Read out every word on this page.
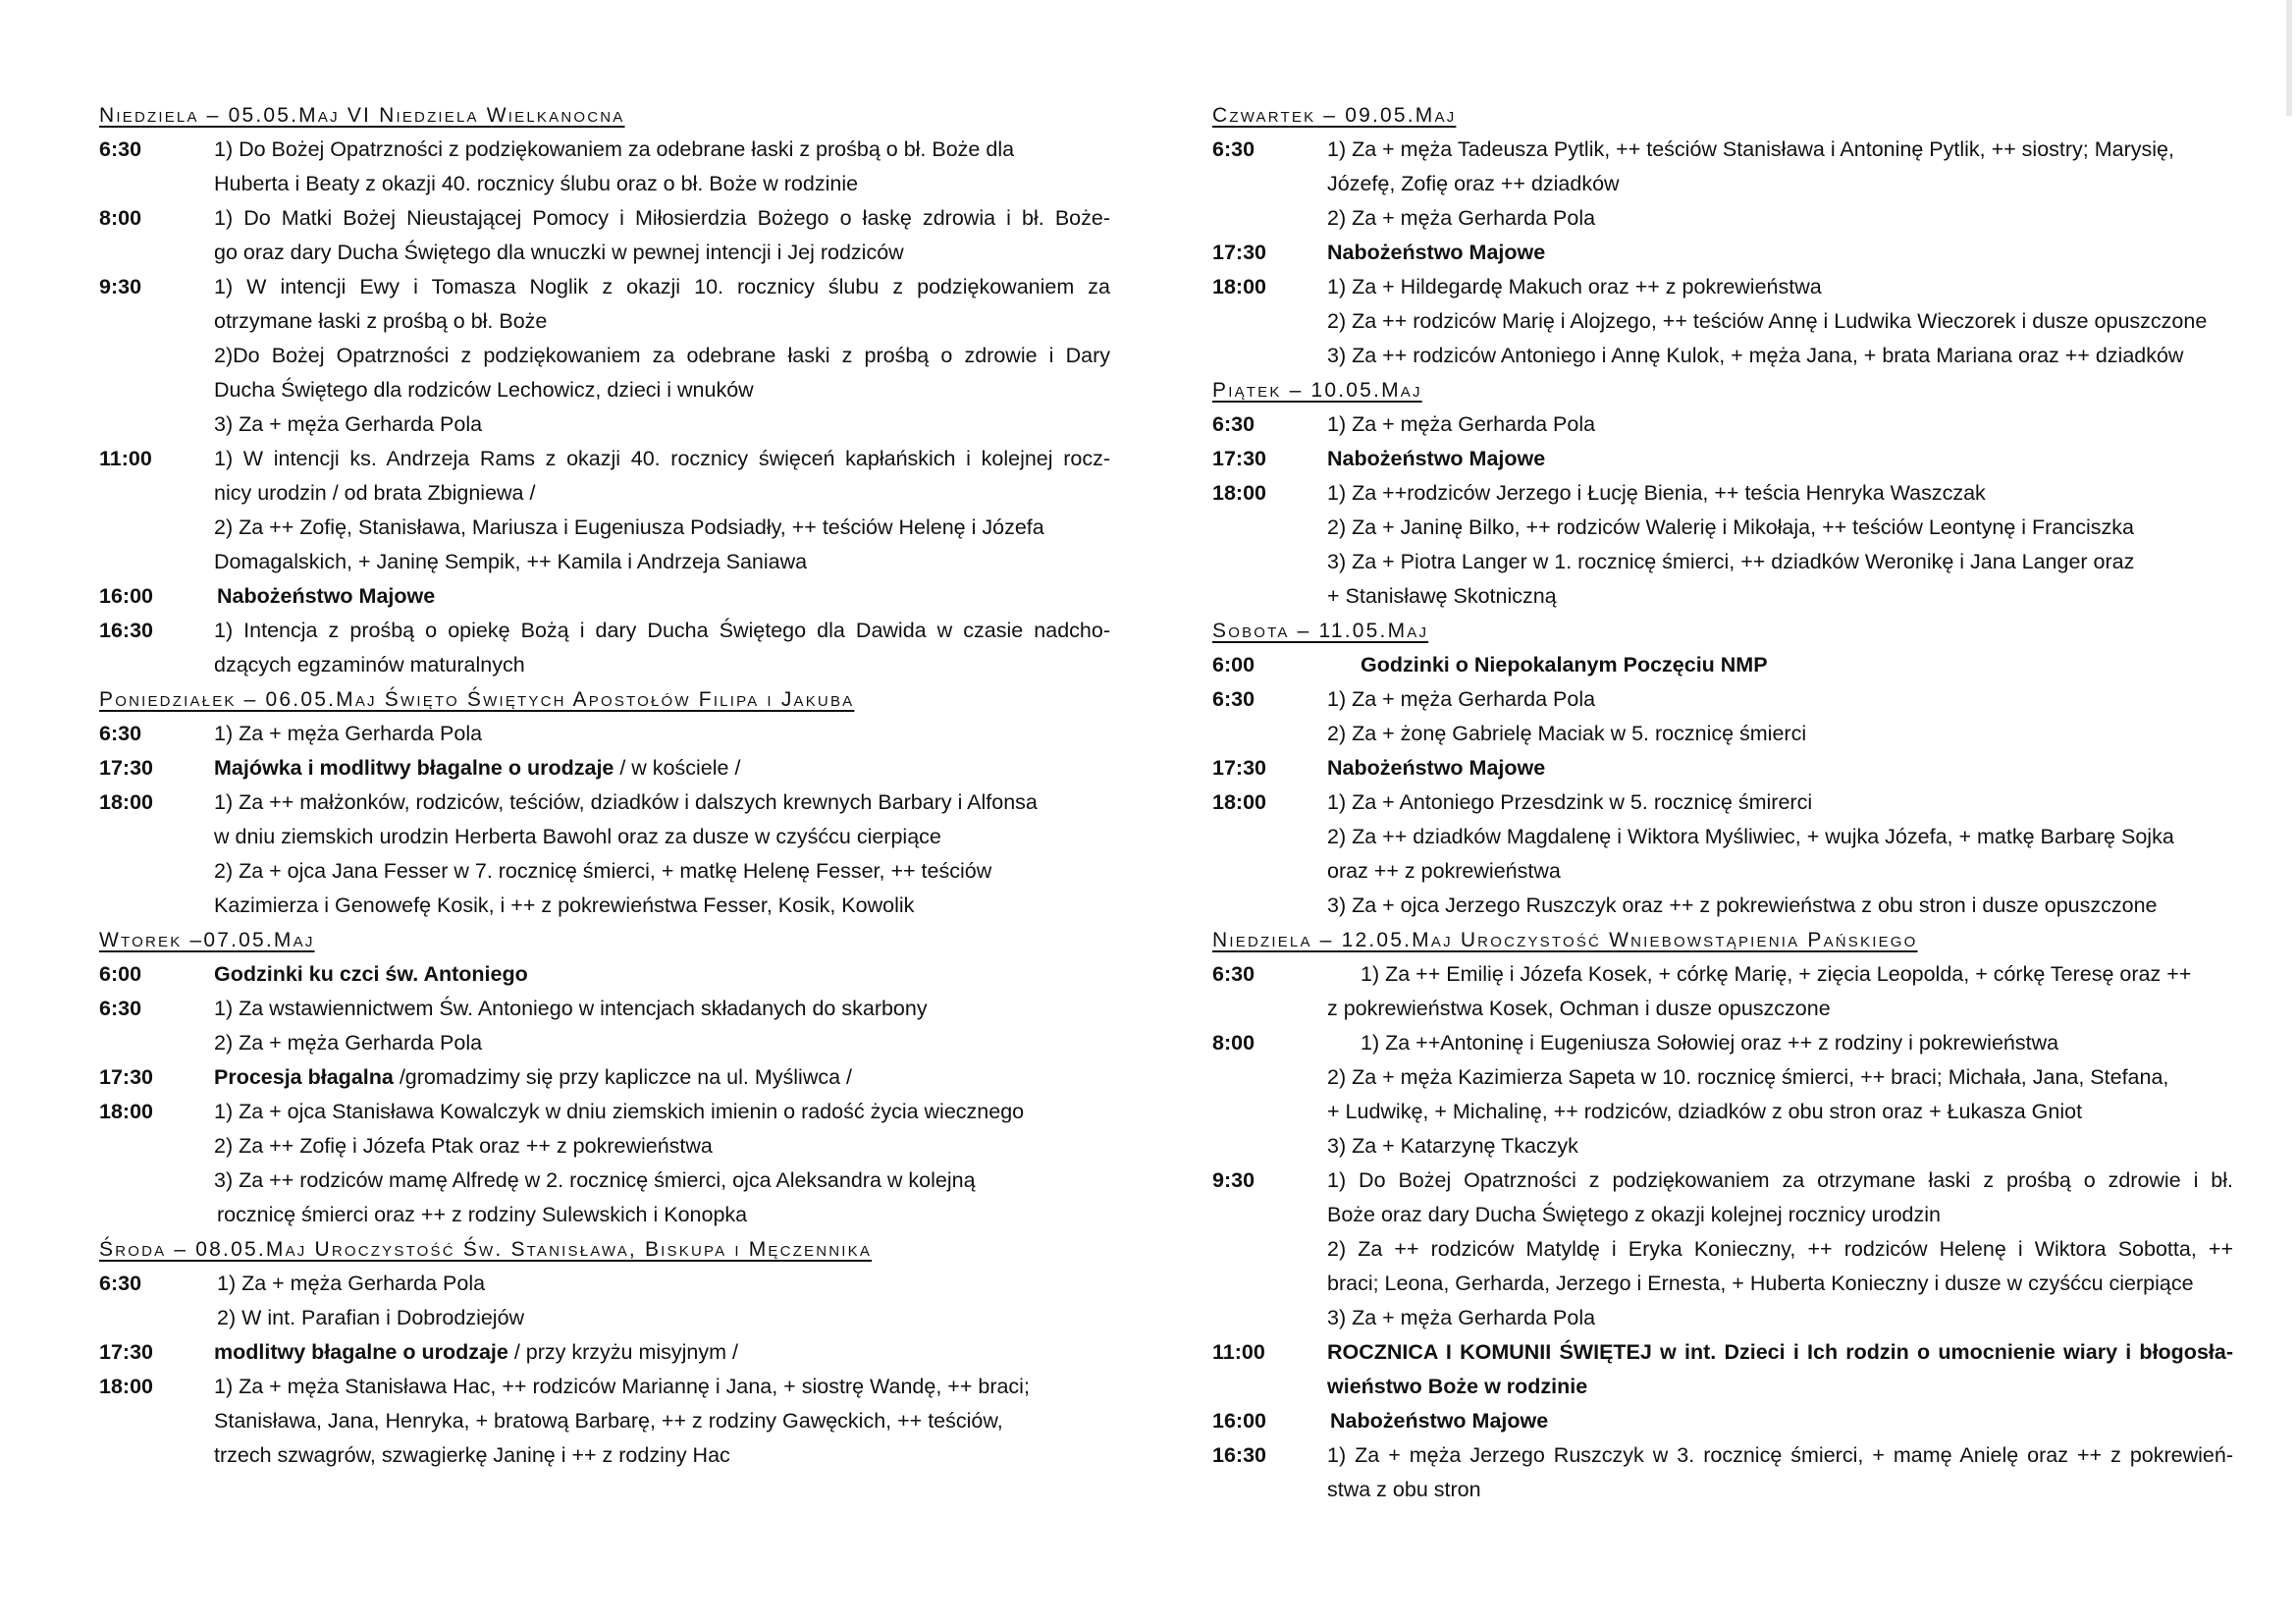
Niedziela – 05.05.Maj VI Niedziela Wielkanocna
6:30	1) Do Bożej Opatrzności z podziękowaniem za odebrane łaski z prośbą o bł. Boże dla
Huberta i Beaty z okazji 40. rocznicy ślubu oraz o bł. Boże w rodzinie
8:00	1) Do Matki Bożej Nieustającej Pomocy i Miłosierdzia Bożego o łaskę zdrowia i bł. Boże-
go oraz dary Ducha Świętego dla wnuczki w pewnej intencji i Jej rodziców
9:30	1) W intencji Ewy i Tomasza Noglik z okazji 10. rocznicy ślubu z podziękowaniem za
otrzymane łaski z prośbą o bł. Boże
2)Do Bożej Opatrzności z podziękowaniem za odebrane łaski z prośbą o zdrowie i Dary
Ducha Świętego dla rodziców Lechowicz, dzieci i wnuków
3) Za + męża Gerharda Pola
11:00	1) W intencji ks. Andrzeja Rams z okazji 40. rocznicy święceń kapłańskich i kolejnej rocz-
nicy urodzin / od brata Zbigniewa /
2) Za ++ Zofię, Stanisława, Mariusza i Eugeniusza Podsiadły, ++ teściów Helenę i Józefa
Domagalskich, + Janinę Sempik, ++ Kamila i Andrzeja Saniawa
16:00	Nabożeństwo Majowe
16:30	1) Intencja z prośbą o opiekę Bożą i dary Ducha Świętego dla Dawida w czasie nadcho-
dzących egzaminów maturalnych
Poniedziałek – 06.05.Maj Święto Świętych Apostołów Filipa i Jakuba
6:30	1) Za + męża Gerharda Pola
17:30	Majówka i modlitwy błagalne o urodzaje / w kościele /
18:00	1) Za ++ małżonków, rodziców, teściów, dziadków i dalszych krewnych Barbary i Alfonsa
w dniu ziemskich urodzin Herberta Bawohl oraz za dusze w czyśćcu cierpiące
2) Za + ojca Jana Fesser w 7. rocznicę śmierci, + matkę Helenę Fesser, ++ teściów
Kazimierza i Genowefę Kosik, i ++ z pokrewieństwa Fesser, Kosik, Kowolik
Wtorek –07.05.Maj
6:00	Godzinki ku czci św. Antoniego
6:30	1) Za wstawiennictwem Św. Antoniego w intencjach składanych do skarbony
2) Za + męża Gerharda Pola
17:30	Procesja błagalna /gromadzimy się przy kapliczce na ul. Myśliwca /
18:00	1) Za + ojca Stanisława Kowalczyk w dniu ziemskich imienin o radość życia wiecznego
2) Za ++ Zofię i Józefa Ptak oraz ++ z pokrewieństwa
3) Za ++ rodziców mamę Alfredę w 2. rocznicę śmierci, ojca Aleksandra w kolejną
rocznicę śmierci oraz ++ z rodziny Sulewskich i Konopka
Środa – 08.05.Maj Uroczystość Św. Stanisława, Biskupa i Męczennika
6:30	1) Za + męża Gerharda Pola
2) W int. Parafian i Dobrodziejów
17:30	modlitwy błagalne o urodzaje / przy krzyżu misyjnym /
18:00	1) Za + męża Stanisława Hac, ++ rodziców Mariannę i Jana, + siostrę Wandę, ++ braci;
Stanisława, Jana, Henryka, + bratową Barbarę, ++ z rodziny Gawęckich, ++ teściów,
trzech szwagrów, szwagierkę Janinę i ++ z rodziny Hac
Czwartek – 09.05.Maj
6:30	1) Za + męża Tadeusza Pytlik, ++ teściów Stanisława i Antoninę Pytlik, ++ siostry; Marysię,
Józefę, Zofię oraz ++ dziadków
2) Za + męża Gerharda Pola
17:30	Nabożeństwo Majowe
18:00	1) Za + Hildegardę Makuch oraz ++ z pokrewieństwa
2) Za ++ rodziców Marię i Alojzego, ++ teściów Annę i Ludwika Wieczorek i dusze opuszczone
3) Za ++ rodziców Antoniego i Annę Kulok, + męża Jana, + brata Mariana oraz ++ dziadków
Piątek – 10.05.Maj
6:30	1) Za + męża Gerharda Pola
17:30	Nabożeństwo Majowe
18:00	1) Za ++rodziców Jerzego i Łucję Bienia, ++ teścia Henryka Waszczak
2) Za + Janinę Bilko, ++ rodziców Walerię i Mikołaja, ++ teściów Leontynę i Franciszka
3) Za + Piotra Langer w 1. rocznicę śmierci, ++ dziadków Weronikę i Jana Langer oraz
+ Stanisławę Skotniczną
Sobota – 11.05.Maj
6:00	Godzinki o Niepokalanym Poczęciu NMP
6:30	1) Za + męża Gerharda Pola
2) Za + żonę Gabrielę Maciak w 5. rocznicę śmierci
17:30	Nabożeństwo Majowe
18:00	1) Za + Antoniego Przesdzink w 5. rocznicę śmirerci
2) Za ++ dziadków Magdalenę i Wiktora Myśliwiec, + wujka Józefa, + matkę Barbarę Sojka
oraz ++ z pokrewieństwa
3) Za + ojca Jerzego Ruszczyk oraz ++ z pokrewieństwa z obu stron i dusze opuszczone
Niedziela – 12.05.Maj Uroczystość Wniebowstąpienia Pańskiego
6:30	1) Za ++ Emilię i Józefa Kosek, + córkę Marię, + zięcia Leopolda, + córkę Teresę oraz ++
z pokrewieństwa Kosek, Ochman i dusze opuszczone
8:00	1) Za ++Antoninę i Eugeniusza Sołowiej oraz ++ z rodziny i pokrewieństwa
2) Za + męża Kazimierza Sapeta w 10. rocznicę śmierci, ++ braci; Michała, Jana, Stefana,
+ Ludwikę, + Michalinę, ++ rodziców, dziadków z obu stron oraz + Łukasza Gniot
3) Za + Katarzynę Tkaczyk
9:30	1) Do Bożej Opatrzności z podziękowaniem za otrzymane łaski z prośbą o zdrowie i bł.
Boże oraz dary Ducha Świętego z okazji kolejnej rocznicy urodzin
2) Za ++ rodziców Matyldę i Eryka Konieczny, ++ rodziców Helenę i Wiktora Sobotta, ++
braci; Leona, Gerharda, Jerzego i Ernesta, + Huberta Konieczny i dusze w czyśćcu cierpiące
3) Za + męża Gerharda Pola
11:00	ROCZNICA I KOMUNII ŚWIĘTEJ w int. Dzieci i Ich rodzin o umocnienie wiary i błogosła-
wieństwo Boże w rodzinie
16:00	Nabożeństwo Majowe
16:30	1) Za + męża Jerzego Ruszczyk w 3. rocznicę śmierci, + mamę Anielę oraz ++ z pokrewień-
stwa z obu stron
